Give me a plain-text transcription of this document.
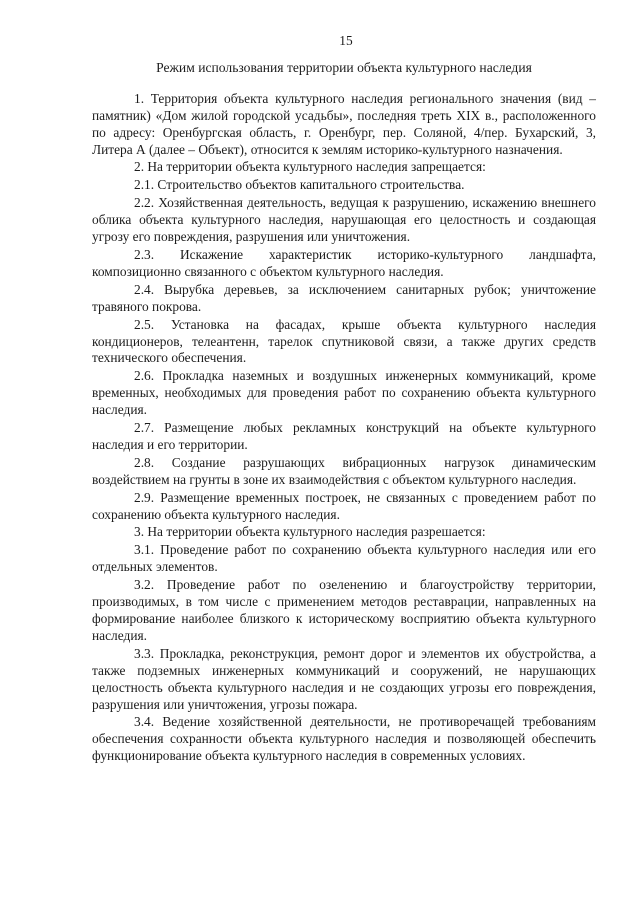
15
Режим использования территории объекта культурного наследия

1. Территория объекта культурного наследия регионального значения (вид – памятник) «Дом жилой городской усадьбы», последняя треть XIX в., расположенного по адресу: Оренбургская область, г. Оренбург, пер. Соляной, 4/пер. Бухарский, 3, Литера А (далее – Объект), относится к землям историко-культурного назначения.

2. На территории объекта культурного наследия запрещается:

2.1. Строительство объектов капитального строительства.

2.2. Хозяйственная деятельность, ведущая к разрушению, искажению внешнего облика объекта культурного наследия, нарушающая его целостность и создающая угрозу его повреждения, разрушения или уничтожения.

2.3. Искажение характеристик историко-культурного ландшафта, композиционно связанного с объектом культурного наследия.

2.4. Вырубка деревьев, за исключением санитарных рубок; уничтожение травяного покрова.

2.5. Установка на фасадах, крыше объекта культурного наследия кондиционеров, телеантенн, тарелок спутниковой связи, а также других средств технического обеспечения.

2.6. Прокладка наземных и воздушных инженерных коммуникаций, кроме временных, необходимых для проведения работ по сохранению объекта культурного наследия.

2.7. Размещение любых рекламных конструкций на объекте культурного наследия и его территории.

2.8. Создание разрушающих вибрационных нагрузок динамическим воздействием на грунты в зоне их взаимодействия с объектом культурного наследия.

2.9. Размещение временных построек, не связанных с проведением работ по сохранению объекта культурного наследия.

3. На территории объекта культурного наследия разрешается:

3.1. Проведение работ по сохранению объекта культурного наследия или его отдельных элементов.

3.2. Проведение работ по озеленению и благоустройству территории, производимых, в том числе с применением методов реставрации, направленных на формирование наиболее близкого к историческому восприятию объекта культурного наследия.

3.3. Прокладка, реконструкция, ремонт дорог и элементов их обустройства, а также подземных инженерных коммуникаций и сооружений, не нарушающих целостность объекта культурного наследия и не создающих угрозы его повреждения, разрушения или уничтожения, угрозы пожара.

3.4. Ведение хозяйственной деятельности, не противоречащей требованиям обеспечения сохранности объекта культурного наследия и позволяющей обеспечить функционирование объекта культурного наследия в современных условиях.
